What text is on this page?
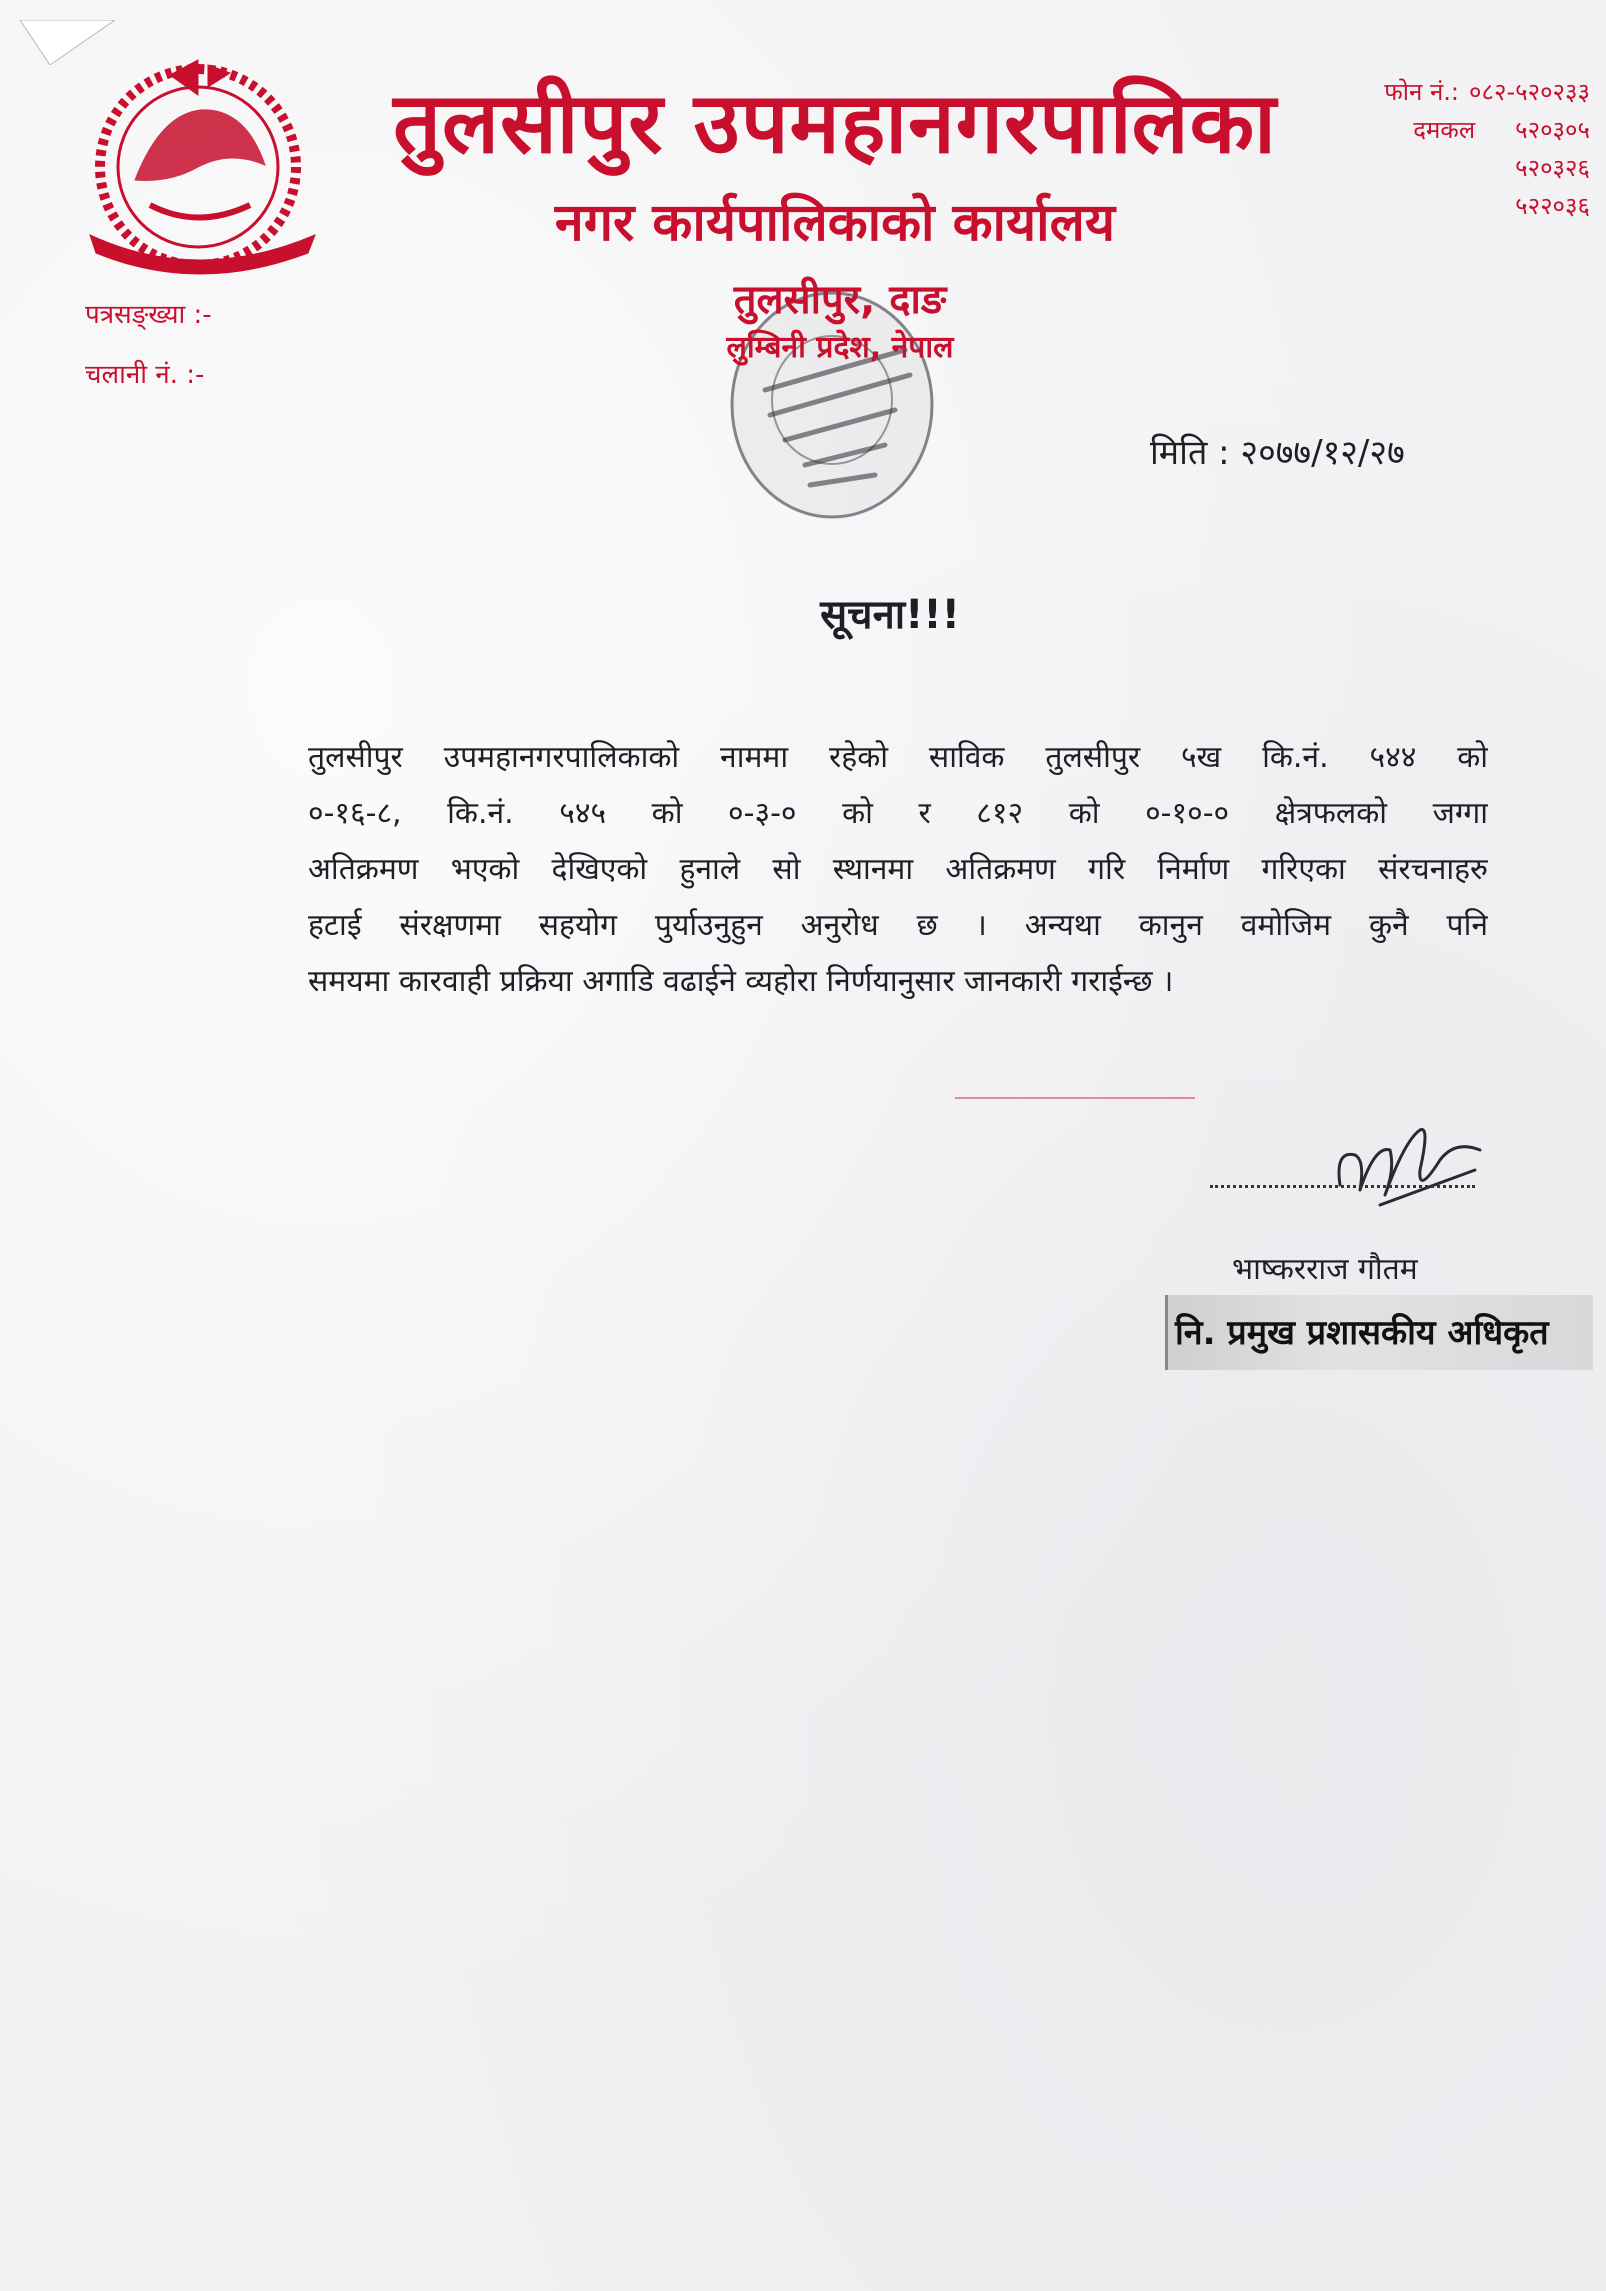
तुलसीपुर उपमहानगरपालिका
नगर कार्यपालिकाको कार्यालय
फोन नं.: ०८२-५२०२३३
दमकल ५२०३०५
५२०३२६
५२२०३६
पत्रसङ्ख्या :-
चलानी नं. :-
तुलसीपुर, दाङ
लुम्बिनी प्रदेश, नेपाल
मिति : २०७७/१२/२७
सूचना!!!
तुलसीपुर उपमहानगरपालिकाको नाममा रहेको साविक तुलसीपुर ५ख कि.नं. ५४४ को
०-१६-८, कि.नं. ५४५ को ०-३-० को र ८१२ को ०-१०-० क्षेत्रफलको जग्गा
अतिक्रमण भएको देखिएको हुनाले सो स्थानमा अतिक्रमण गरि निर्माण गरिएका संरचनाहरु
हटाई संरक्षणमा सहयोग पुर्याउनुहुन अनुरोध छ । अन्यथा कानुन वमोजिम कुनै पनि
समयमा कारवाही प्रक्रिया अगाडि वढाईने व्यहोरा निर्णयानुसार जानकारी गराईन्छ ।
भाष्करराज गौतम
नि. प्रमुख प्रशासकीय अधिकृत
